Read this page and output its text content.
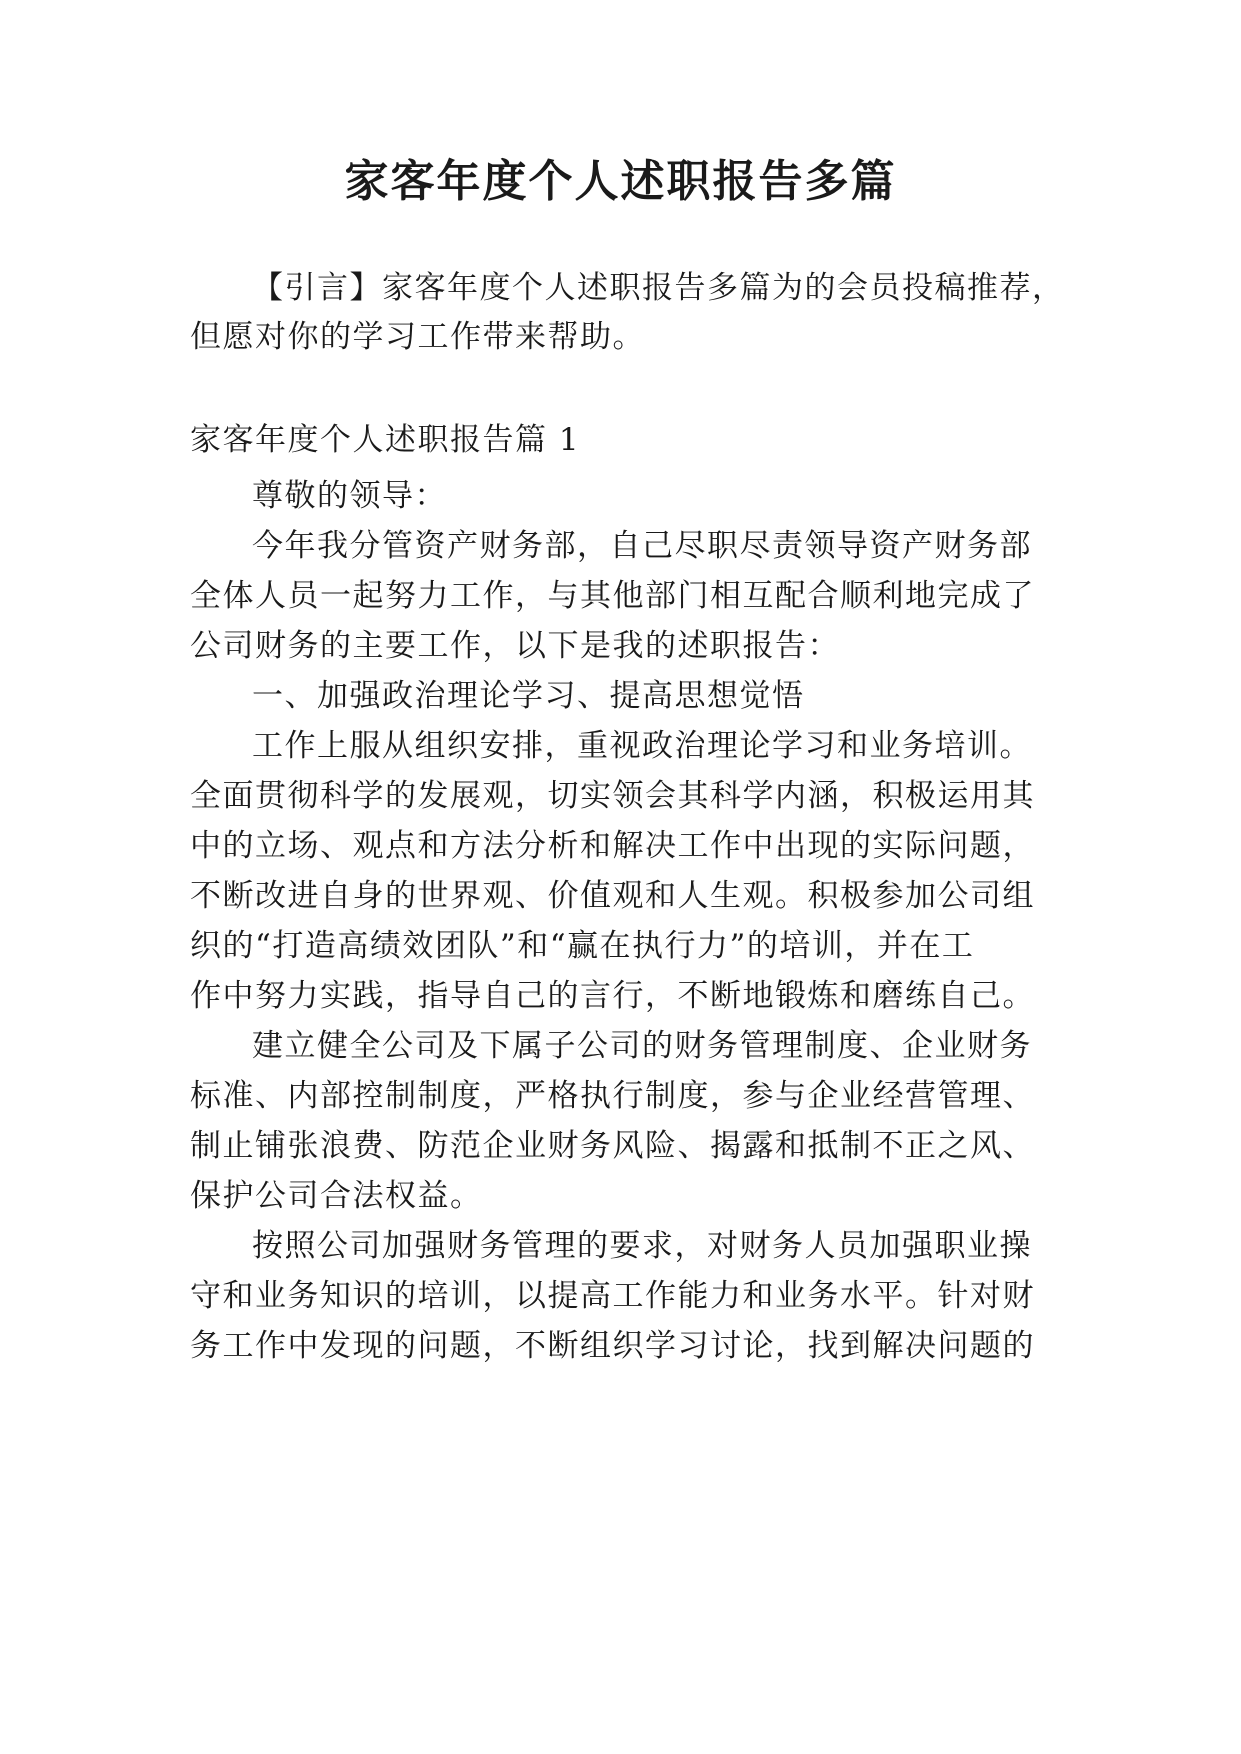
家客年度个人述职报告多篇

【引言】家客年度个人述职报告多篇为的会员投稿推荐，

但愿对你的学习工作带来帮助。

家客年度个人述职报告篇 1

尊敬的领导：

今年我分管资产财务部，自己尽职尽责领导资产财务部

全体人员一起努力工作，与其他部门相互配合顺利地完成了

公司财务的主要工作，以下是我的述职报告：

一、加强政治理论学习、提高思想觉悟

工作上服从组织安排，重视政治理论学习和业务培训。

全面贯彻科学的发展观，切实领会其科学内涵，积极运用其

中的立场、观点和方法分析和解决工作中出现的实际问题，

不断改进自身的世界观、价值观和人生观。积极参加公司组

织的“打造高绩效团队”和“赢在执行力”的培训，并在工

作中努力实践，指导自己的言行，不断地锻炼和磨练自己。

建立健全公司及下属子公司的财务管理制度、企业财务

标准、内部控制制度，严格执行制度，参与企业经营管理、

制止铺张浪费、防范企业财务风险、揭露和抵制不正之风、

保护公司合法权益。

按照公司加强财务管理的要求，对财务人员加强职业操

守和业务知识的培训，以提高工作能力和业务水平。针对财

务工作中发现的问题，不断组织学习讨论，找到解决问题的
